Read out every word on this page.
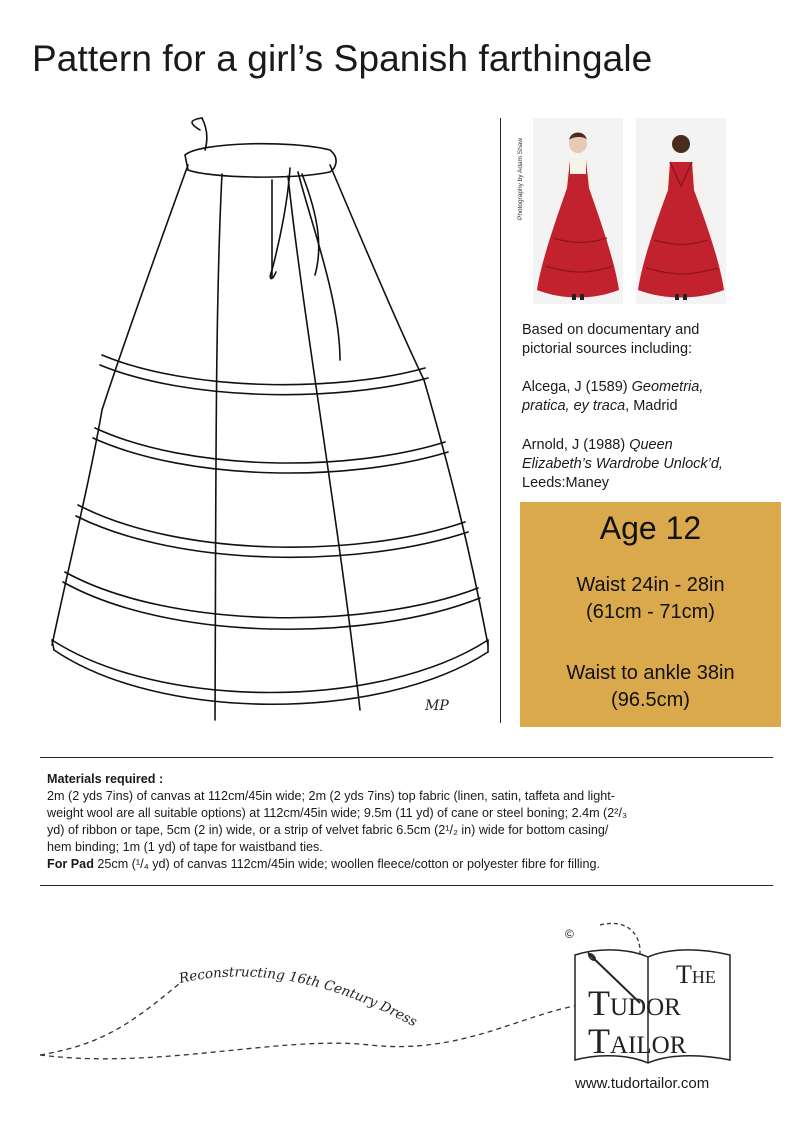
Pattern for a girl’s Spanish farthingale
MP
Photography by Adam Shaw
Based on documentary and
pictorial sources including:
Alcega, J (1589) Geometria,
pratica, ey traca, Madrid
Arnold, J (1988) Queen
Elizabeth’s Wardrobe Unlock’d,
Leeds:Maney
Age 12
Waist 24in - 28in
(61cm - 71cm)
Waist to ankle 38in
(96.5cm)
Materials required :
2m (2 yds 7ins) of canvas at 112cm/45in wide; 2m (2 yds 7ins) top fabric (linen, satin, taffeta and light-
weight wool are all suitable options) at 112cm/45in wide; 9.5m (11 yd) of cane or steel boning; 2.4m (2²/₃
yd) of ribbon or tape, 5cm (2 in) wide, or a strip of velvet fabric 6.5cm (2¹/₂ in) wide for bottom casing/
hem binding; 1m (1 yd) of tape for waistband ties.
For Pad 25cm (¹/₄ yd) of canvas 112cm/45in wide; woollen fleece/cotton or polyester fibre for filling.
Reconstructing 16th Century Dress
The
Tudor
Tailor
©
www.tudortailor.com
